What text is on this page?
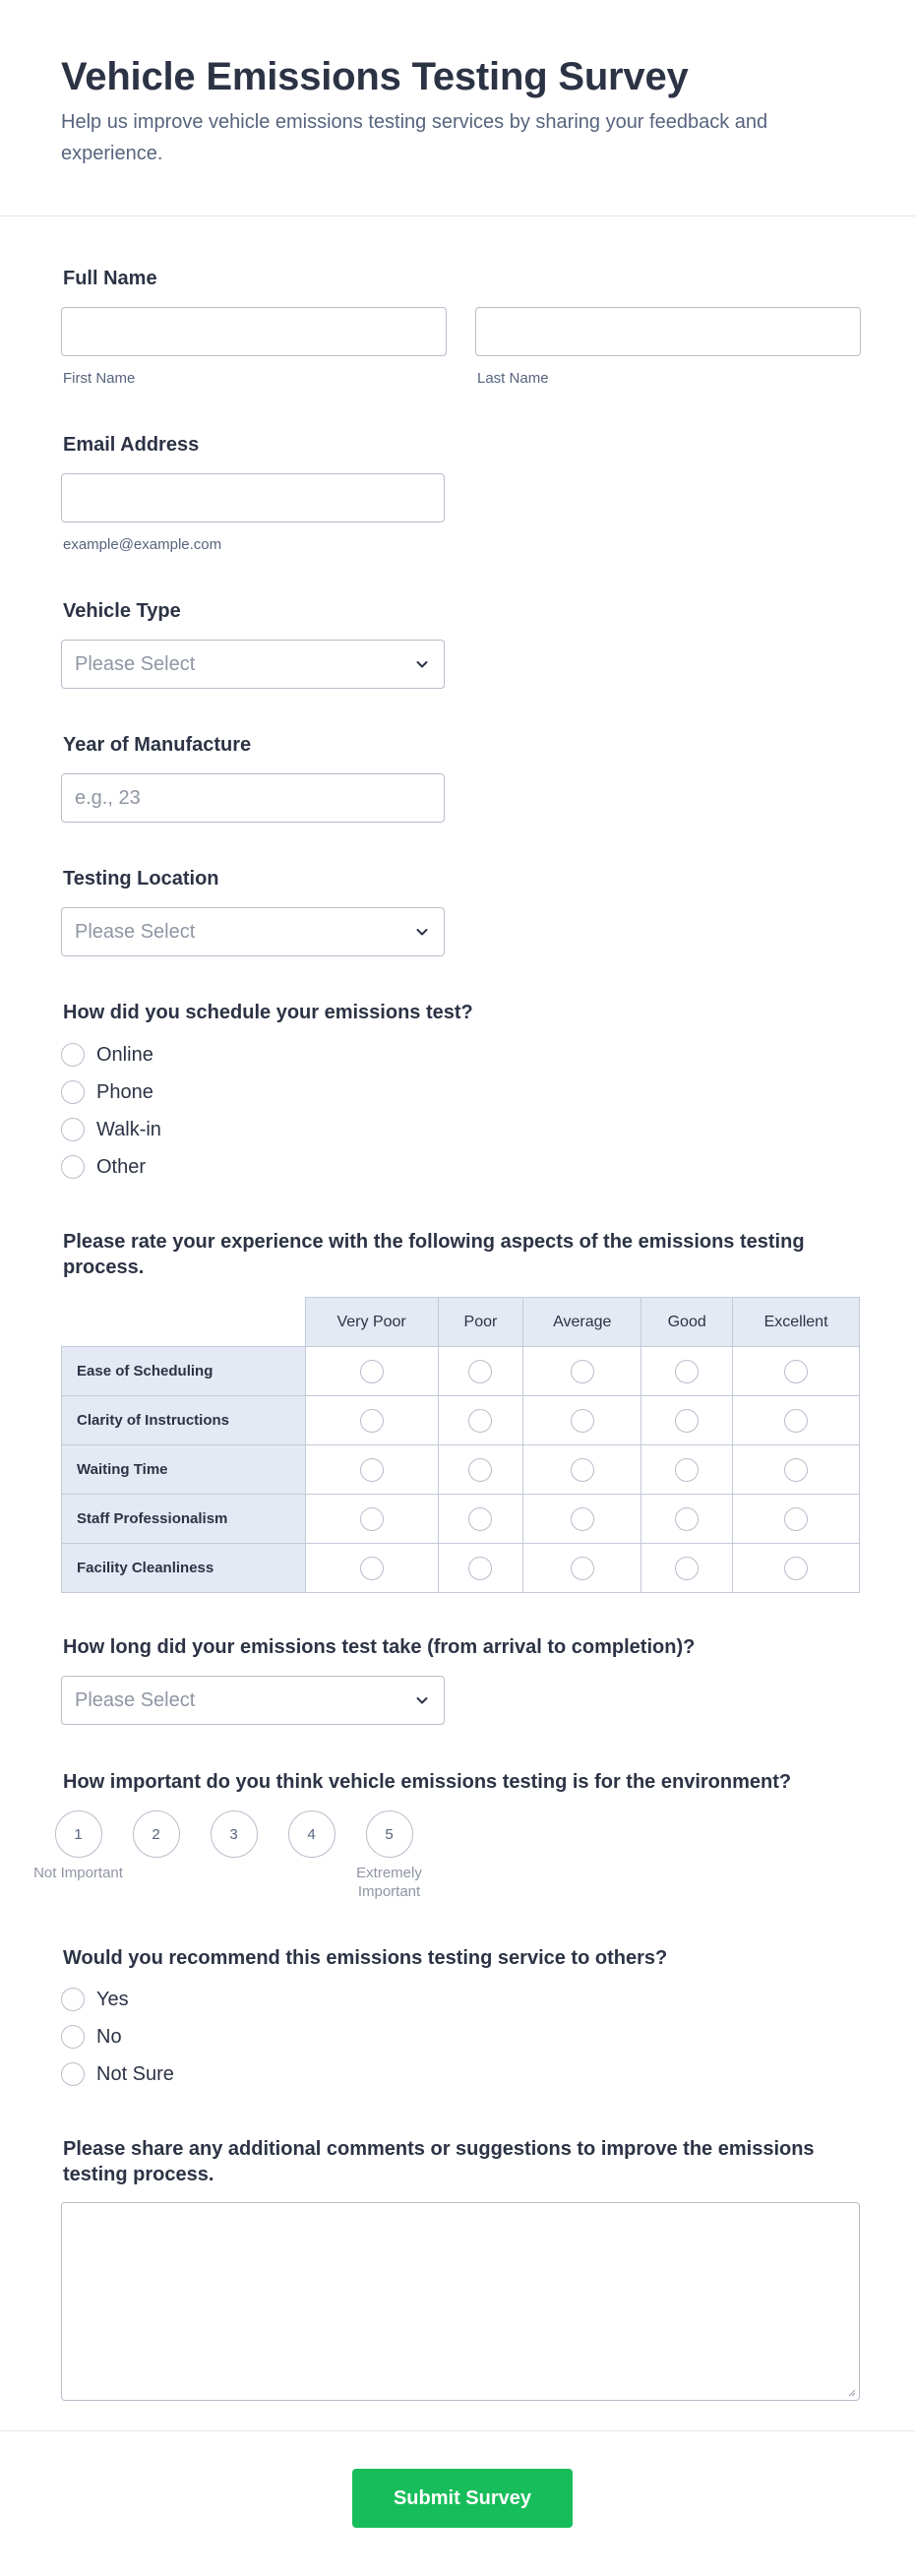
Vehicle Emissions Testing Survey

Help us improve vehicle emissions testing services by sharing your feedback and experience.

Full Name
First Name	Last Name
Email Address
example@example.com
Vehicle Type
Please Select
Year of Manufacture
e.g., 23
Testing Location
Please Select
How did you schedule your emissions test?
Online
Phone
Walk-in
Other
Please rate your experience with the following aspects of the emissions testing process.
	Very Poor	Poor	Average	Good	Excellent
Ease of Scheduling					
Clarity of Instructions					
Waiting Time					
Staff Professionalism					
Facility Cleanliness					
How long did your emissions test take (from arrival to completion)?
Please Select
How important do you think vehicle emissions testing is for the environment?
1
Not Important
2	3	4	5
Extremely Important
Would you recommend this emissions testing service to others?
Yes
No
Not Sure
Please share any additional comments or suggestions to improve the emissions testing process.
Submit Survey
